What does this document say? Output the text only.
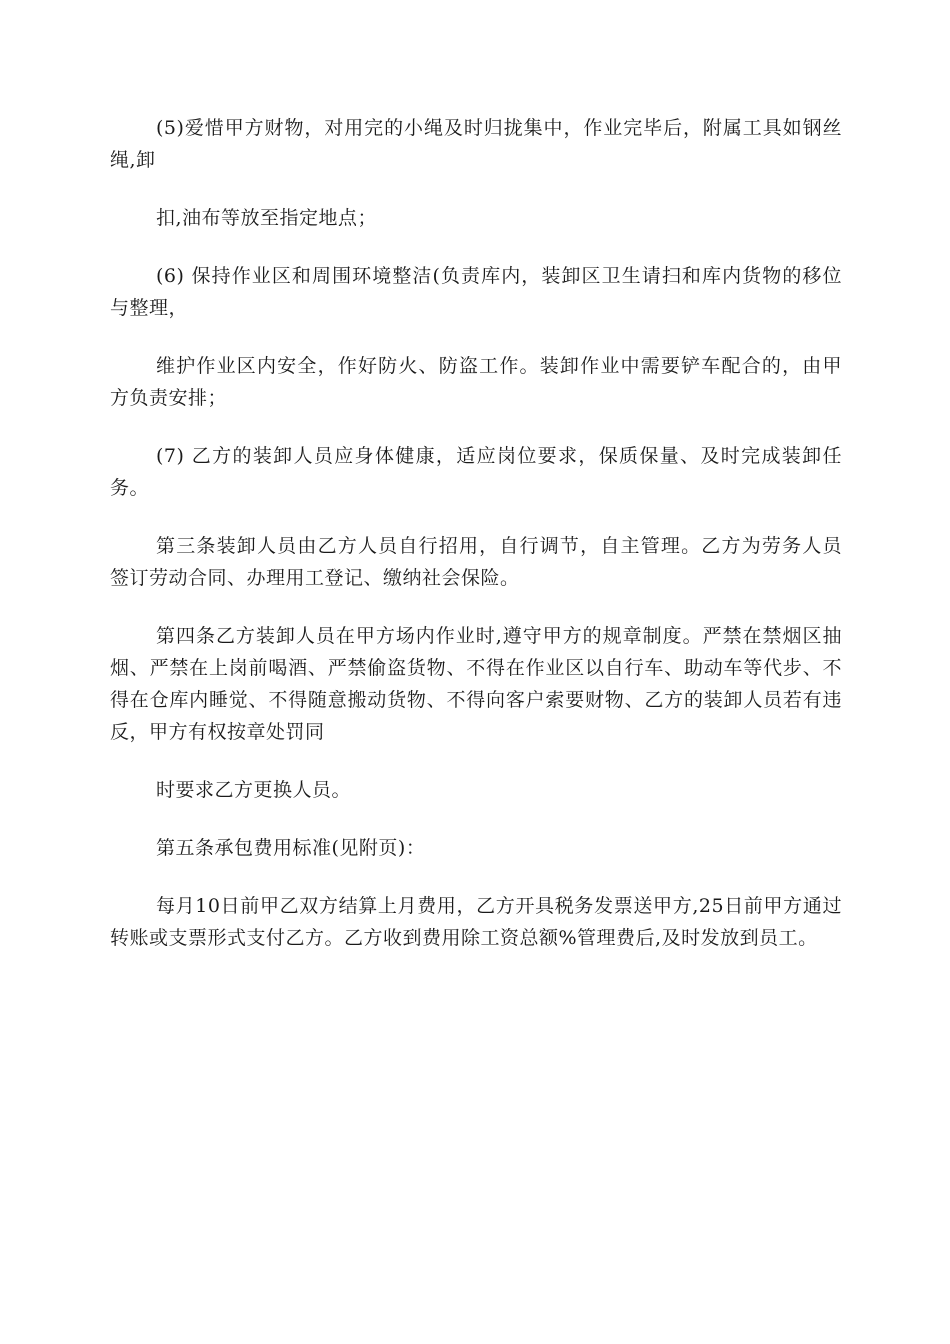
(5)爱惜甲方财物，对用完的小绳及时归拢集中，作业完毕后，附属工具如钢丝 绳,卸

扣,油布等放至指定地点；

(6) 保持作业区和周围环境整洁(负责库内，装卸区卫生请扫和库内货物的移位与整理，

维护作业区内安全，作好防火、防盗工作。装卸作业中需要铲车配合的，由甲 方负责安排；

(7) 乙方的装卸人员应身体健康，适应岗位要求，保质保量、及时完成装卸任 务。

第三条装卸人员由乙方人员自行招用，自行调节，自主管理。乙方为劳务人员 签订劳动合同、办理用工登记、缴纳社会保险。

第四条乙方装卸人员在甲方场内作业时,遵守甲方的规章制度。严禁在禁烟区抽烟、严禁在上岗前喝酒、严禁偷盗货物、不得在作业区以自行车、助动车等代步、不得在仓库内睡觉、不得随意搬动货物、不得向客户索要财物、乙方的装卸人员若有违反，甲方有权按章处罚同

时要求乙方更换人员。

第五条承包费用标准(见附页)：

每月10日前甲乙双方结算上月费用，乙方开具税务发票送甲方,25日前甲方通过转账或支票形式支付乙方。乙方收到费用除工资总额%管理费后,及时发放到员工。
